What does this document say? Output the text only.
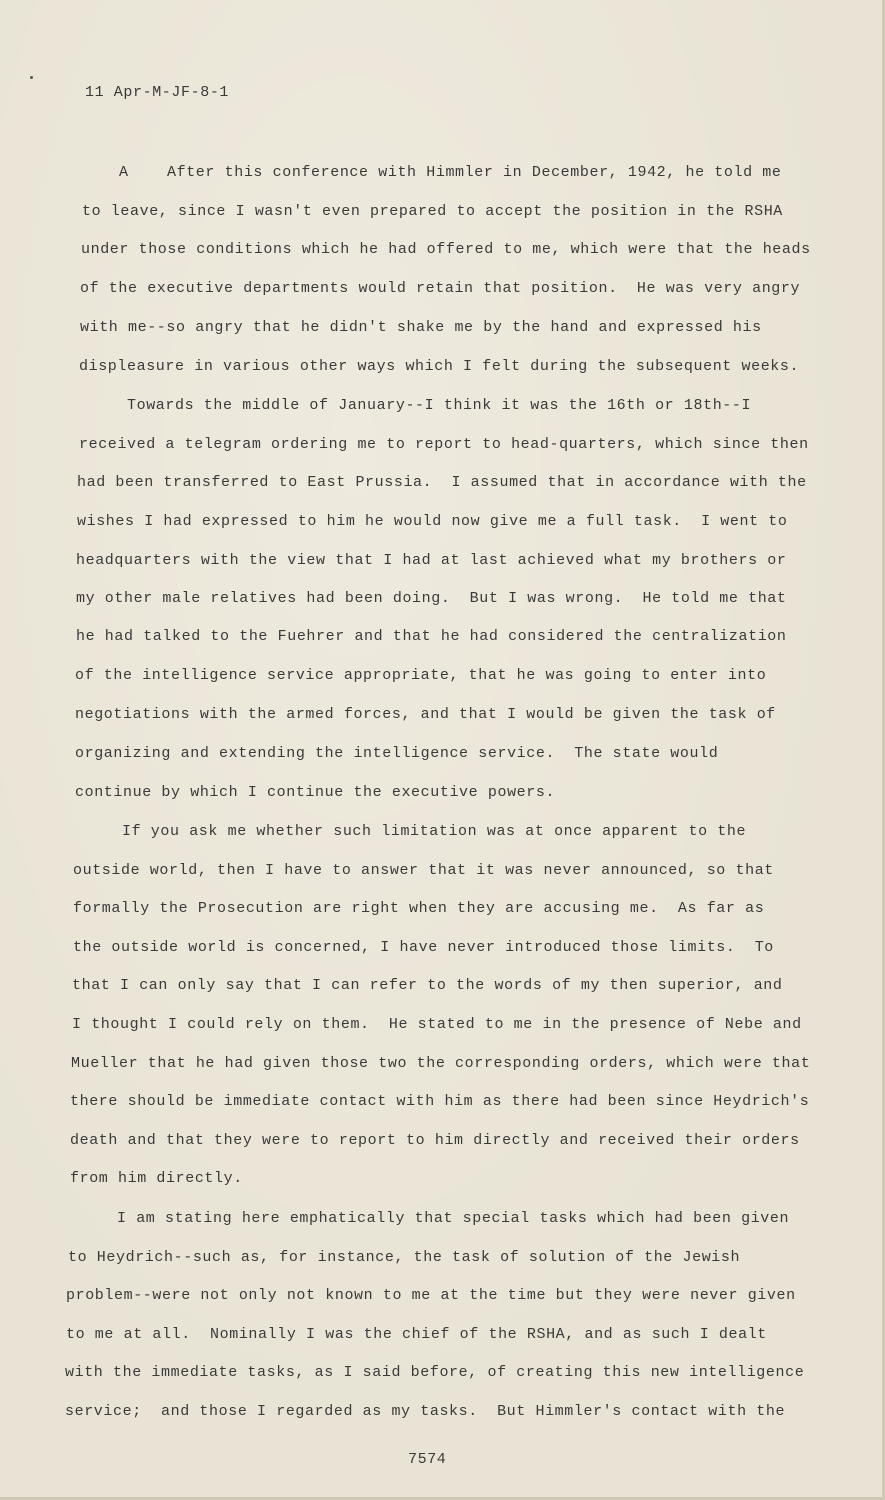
11 Apr-M-JF-8-1
A    After this conference with Himmler in December, 1942, he told me
to leave, since I wasn't even prepared to accept the position in the RSHA
under those conditions which he had offered to me, which were that the heads
of the executive departments would retain that position.  He was very angry
with me--so angry that he didn't shake me by the hand and expressed his
displeasure in various other ways which I felt during the subsequent weeks.
Towards the middle of January--I think it was the 16th or 18th--I
received a telegram ordering me to report to head-quarters, which since then
had been transferred to East Prussia.  I assumed that in accordance with the
wishes I had expressed to him he would now give me a full task.  I went to
headquarters with the view that I had at last achieved what my brothers or
my other male relatives had been doing.  But I was wrong.  He told me that
he had talked to the Fuehrer and that he had considered the centralization
of the intelligence service appropriate, that he was going to enter into
negotiations with the armed forces, and that I would be given the task of
organizing and extending the intelligence service.  The state would
continue by which I continue the executive powers.
If you ask me whether such limitation was at once apparent to the
outside world, then I have to answer that it was never announced, so that
formally the Prosecution are right when they are accusing me.  As far as
the outside world is concerned, I have never introduced those limits.  To
that I can only say that I can refer to the words of my then superior, and
I thought I could rely on them.  He stated to me in the presence of Nebe and
Mueller that he had given those two the corresponding orders, which were that
there should be immediate contact with him as there had been since Heydrich's
death and that they were to report to him directly and received their orders
from him directly.
I am stating here emphatically that special tasks which had been given
to Heydrich--such as, for instance, the task of solution of the Jewish
problem--were not only not known to me at the time but they were never given
to me at all.  Nominally I was the chief of the RSHA, and as such I dealt
with the immediate tasks, as I said before, of creating this new intelligence
service;  and those I regarded as my tasks.  But Himmler's contact with the
7574
